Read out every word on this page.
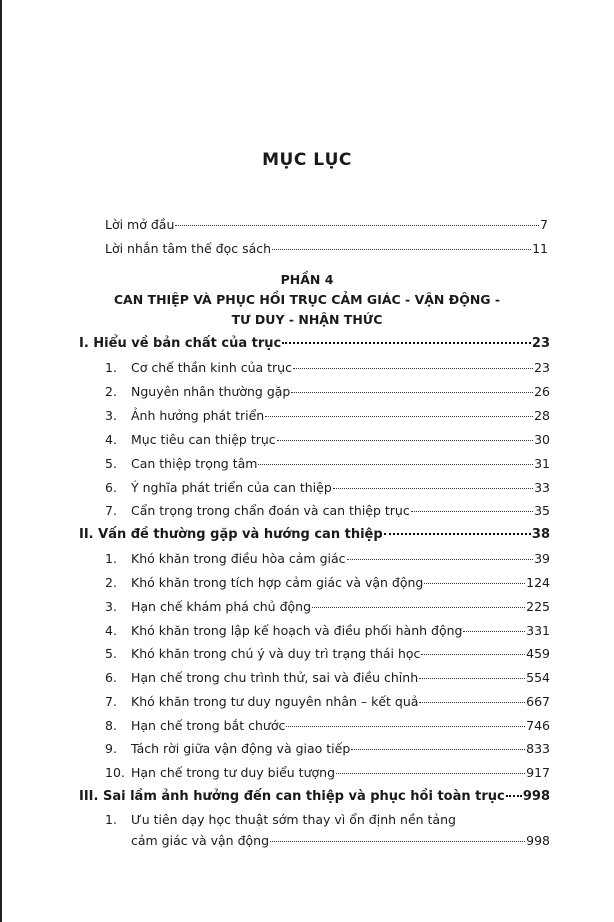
MỤC LỤC
Lời mở đầu	7
Lời nhắn tâm thế đọc sách	11
PHẦN 4
CAN THIỆP VÀ PHỤC HỒI TRỤC CẢM GIÁC - VẬN ĐỘNG -
TƯ DUY - NHẬN THỨC
I. Hiểu về bản chất của trục	23
1.	Cơ chế thần kinh của trục	23
2.	Nguyên nhân thường gặp	26
3.	Ảnh hưởng phát triển	28
4.	Mục tiêu can thiệp trục	30
5.	Can thiệp trọng tâm	31
6.	Ý nghĩa phát triển của can thiệp	33
7.	Cẩn trọng trong chẩn đoán và can thiệp trục	35
II. Vấn đề thường gặp và hướng can thiệp	38
1.	Khó khăn trong điều hòa cảm giác	39
2.	Khó khăn trong tích hợp cảm giác và vận động	124
3.	Hạn chế khám phá chủ động	225
4.	Khó khăn trong lập kế hoạch và điều phối hành động	331
5.	Khó khăn trong chú ý và duy trì trạng thái học	459
6.	Hạn chế trong chu trình thử, sai và điều chỉnh	554
7.	Khó khăn trong tư duy nguyên nhân – kết quả	667
8.	Hạn chế trong bắt chước	746
9.	Tách rời giữa vận động và giao tiếp	833
10. Hạn chế trong tư duy biểu tượng	917
III. Sai lầm ảnh hưởng đến can thiệp và phục hồi toàn trục 998
1. Ưu tiên dạy học thuật sớm thay vì ổn định nền tảng
cảm giác và vận động	998
